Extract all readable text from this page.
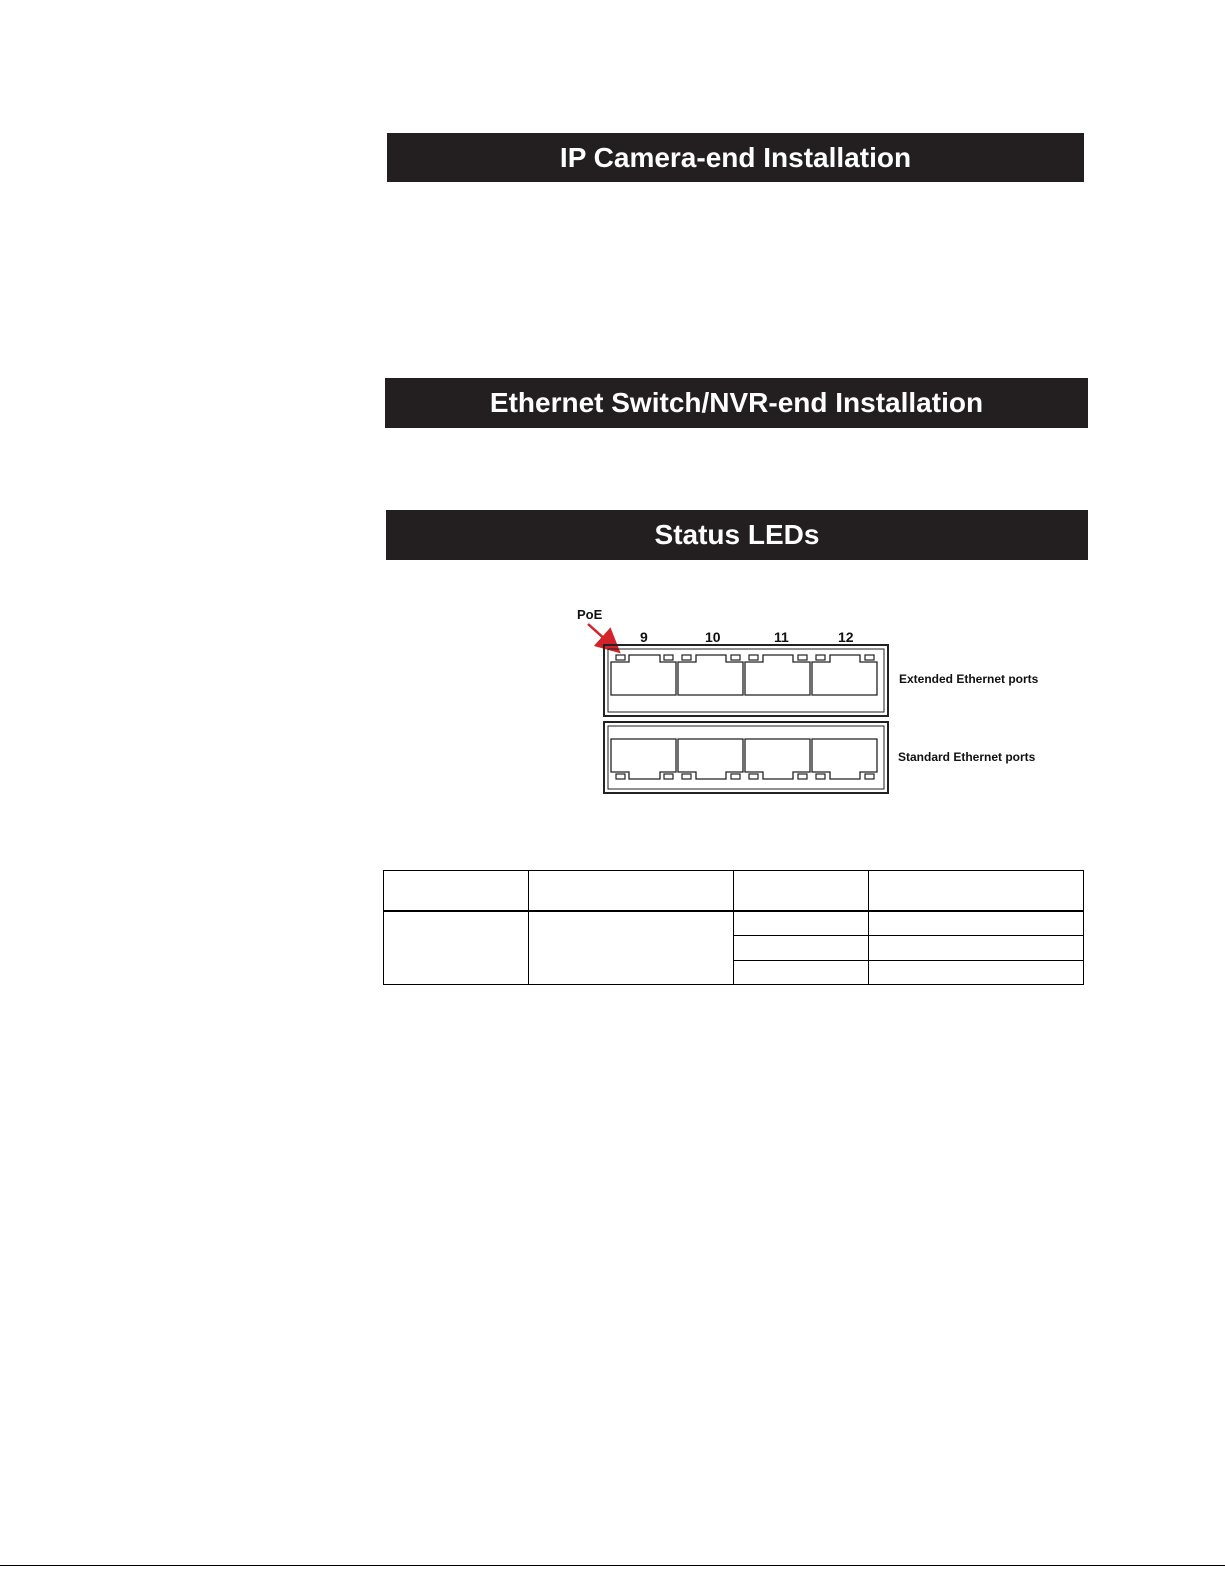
IP Camera-end Installation
Ethernet Switch/NVR-end Installation
Status LEDs
PoE
9	10	11	12
Extended Ethernet ports
Standard Ethernet ports
